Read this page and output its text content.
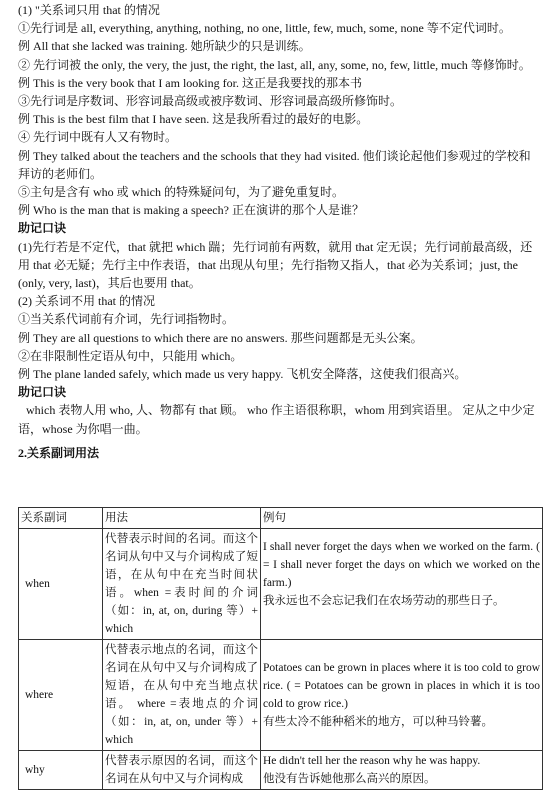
(1) "关系词只用 that 的情况
①先行词是 all, everything, anything, nothing, no one, little, few, much, some, none 等不定代词时。
例 All that she lacked was training. 她所缺少的只是训练。
② 先行词被 the only, the very, the just, the right, the last, all, any, some, no, few, little, much 等修饰时。
例 This is the very book that I am looking for. 这正是我要找的那本书
③先行词是序数词、形容词最高级或被序数词、形容词最高级所修饰时。
例 This is the best film that I have seen. 这是我所看过的最好的电影。
④ 先行词中既有人又有物时。
例 They talked about the teachers and the schools that they had visited. 他们谈论起他们参观过的学校和拜访的老师们。
⑤主句是含有 who 或 which 的特殊疑问句，为了避免重复时。
例 Who is the man that is making a speech? 正在演讲的那个人是谁？
助记口诀
(1)先行若是不定代，that 就把 which 踹；先行词前有两数，就用 that 定无误；先行词前最高级，还用 that 必无疑；先行主中作表语，that 出现从句里；先行指物又指人，that 必为关系词；just, the (only, very, last)，其后也要用 that。
(2) 关系词不用 that 的情况
①当关系代词前有介词，先行词指物时。
例 They are all questions to which there are no answers. 那些问题都是无头公案。
②在非限制性定语从句中，只能用 which。
例 The plane landed safely, which made us very happy. 飞机安全降落，这使我们很高兴。
助记口诀
which 表物人用 who, 人、物都有 that 顾。 who 作主语很称职，whom 用到宾语里。 定从之中少定语，whose 为你唱一曲。
2.关系副词用法
关系副词	用法	例句
when	代替表示时间的名词。而这个名词从句中又与介词构成了短语，在从句中在充当时间状语。when =表时间的介词（如：in, at, on, during 等）+ which	I shall never forget the days when we worked on the farm. ( = I shall never forget the days on which we worked on the farm.)
我永远也不会忘记我们在农场劳动的那些日子。

where	代替表示地点的名词，而这个名词在从句中又与介词构成了短语，在从句中充当地点状语。 where =表地点的介词（如：in, at, on, under 等）+ which	Potatoes can be grown in places where it is too cold to grow rice. ( = Potatoes can be grown in places in which it is too cold to grow rice.)
有些太冷不能种稻米的地方，可以种马铃薯。

why	代替表示原因的名词，而这个名词在从句中又与介词构成	He didn't tell her the reason why he was happy.
他没有告诉她他那么高兴的原因。
